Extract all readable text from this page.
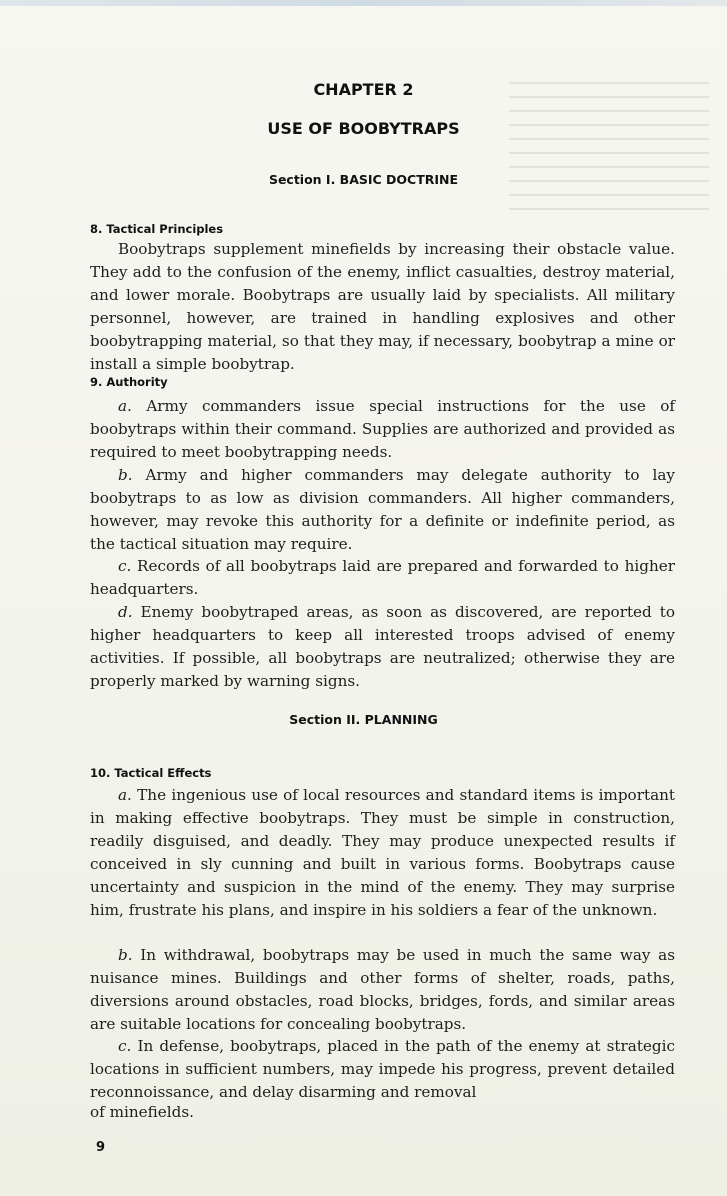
CHAPTER 2
USE OF BOOBYTRAPS
Section I. BASIC DOCTRINE
8. Tactical Principles

Boobytraps supplement minefields by increasing their obstacle value. They add to the confusion of the enemy, inflict casualties, destroy material, and lower morale. Boobytraps are usually laid by specialists. All military personnel, however, are trained in handling explosives and other boobytrapping material, so that they may, if necessary, boobytrap a mine or install a simple boobytrap.

9. Authority

a. Army commanders issue special instructions for the use of boobytraps within their command. Supplies are authorized and provided as required to meet boobytrapping needs.

b. Army and higher commanders may delegate authority to lay boobytraps to as low as division commanders. All higher commanders, however, may revoke this authority for a definite or indefinite period, as the tactical situation may require.

c. Records of all boobytraps laid are prepared and forwarded to higher headquarters.

d. Enemy boobytraped areas, as soon as discovered, are reported to higher headquarters to keep all interested troops advised of enemy activities. If possible, all boobytraps are neutralized; otherwise they are properly marked by warning signs.

Section II. PLANNING
10. Tactical Effects

a. The ingenious use of local resources and standard items is important in making effective boobytraps. They must be simple in construction, readily disguised, and deadly. They may produce unexpected results if conceived in sly cunning and built in various forms. Boobytraps cause uncertainty and suspicion in the mind of the enemy. They may surprise him, frustrate his plans, and inspire in his soldiers a fear of the unknown.

b. In withdrawal, boobytraps may be used in much the same way as nuisance mines. Buildings and other forms of shelter, roads, paths, diversions around obstacles, road blocks, bridges, fords, and similar areas are suitable locations for concealing boobytraps.

c. In defense, boobytraps, placed in the path of the enemy at strategic locations in sufficient numbers, may impede his progress, prevent detailed reconnoissance, and delay disarming and removal

of minefields.

9
